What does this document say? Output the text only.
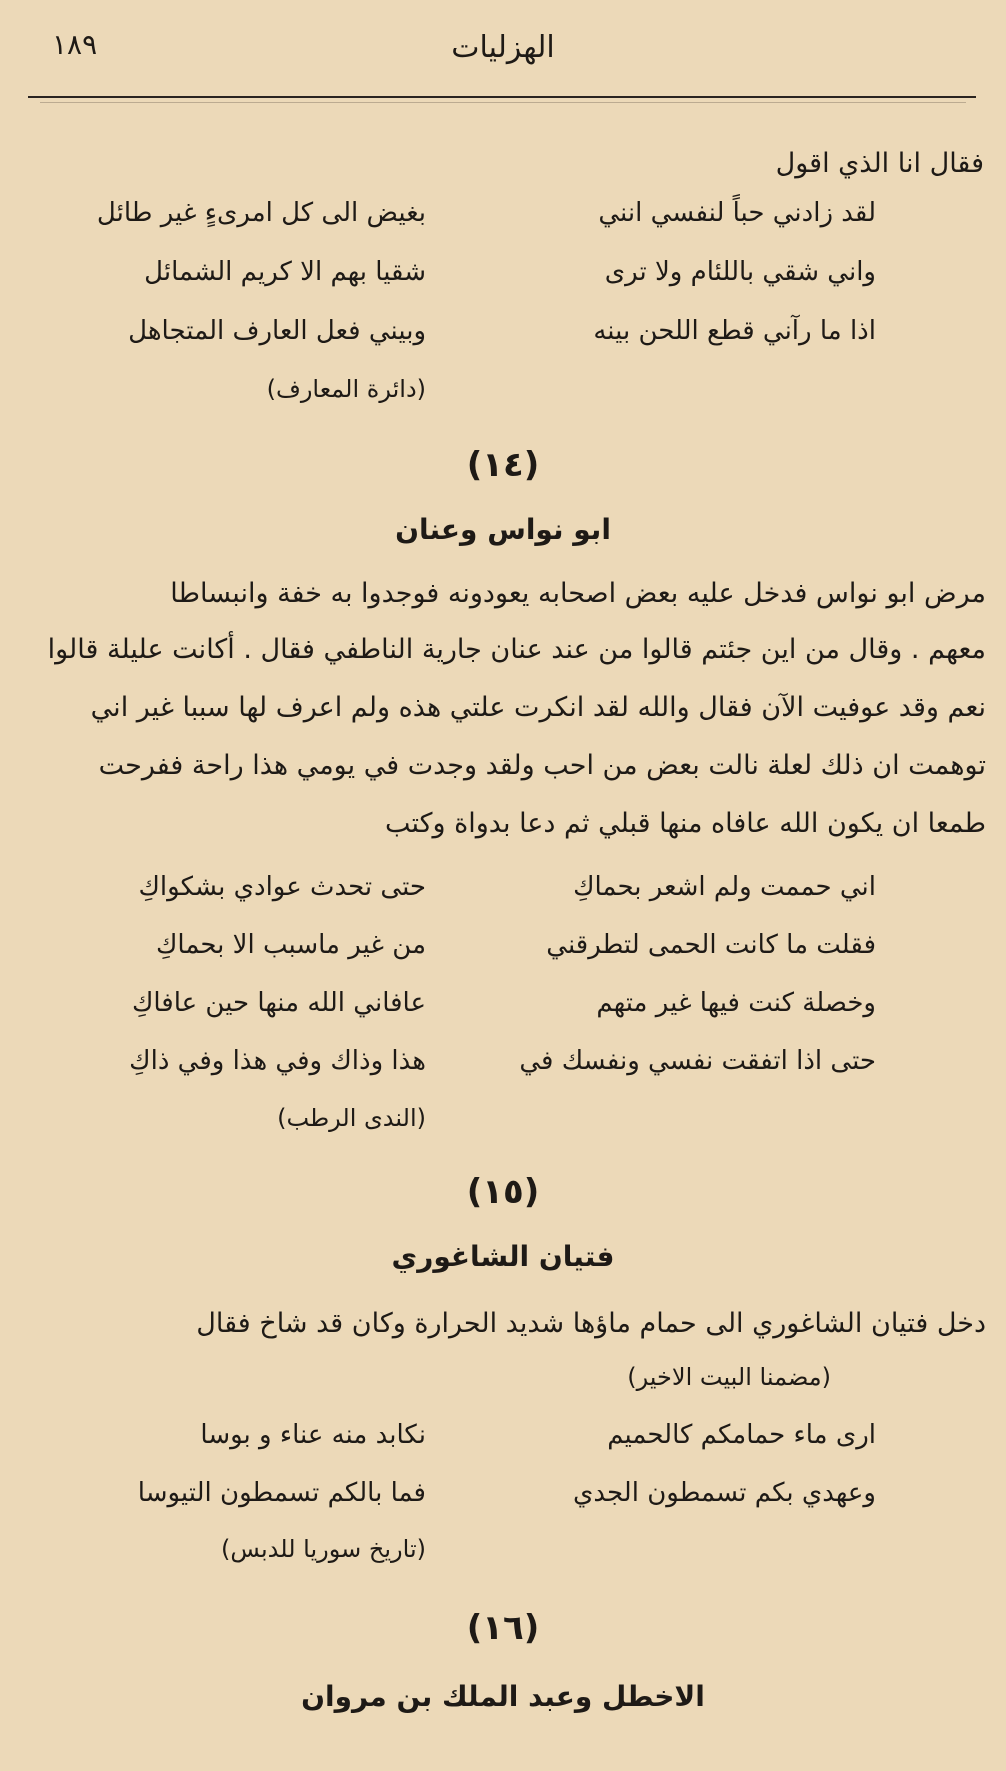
١٨٩	الهزليات
فقال انا الذي اقول
لقد زادني حباً لنفسي انني
بغيض الى كل امرىءٍ غير طائل
واني شقي باللئام ولا ترى
شقيا بهم الا كريم الشمائل
اذا ما رآني قطع اللحن بينه
وبيني فعل العارف المتجاهل
(دائرة المعارف)
(١٤)
ابو نواس وعنان
مرض ابو نواس فدخل عليه بعض اصحابه يعودونه فوجدوا به خفة وانبساطا
معهم . وقال من اين جئتم قالوا من عند عنان جارية الناطفي فقال . أكانت عليلة قالوا
نعم وقد عوفيت الآن فقال والله لقد انكرت علتي هذه ولم اعرف لها سببا غير اني
توهمت ان ذلك لعلة نالت بعض من احب ولقد وجدت في يومي هذا راحة ففرحت
طمعا ان يكون الله عافاه منها قبلي ثم دعا بدواة وكتب
اني حممت ولم اشعر بحماكِ
حتى تحدث عوادي بشكواكِ
فقلت ما كانت الحمى لتطرقني
من غير ماسبب الا بحماكِ
وخصلة كنت فيها غير متهم
عافاني الله منها حين عافاكِ
حتى اذا اتفقت نفسي ونفسك في
هذا وذاك وفي هذا وفي ذاكِ
(الندى الرطب)
(١٥)
فتيان الشاغوري
دخل فتيان الشاغوري الى حمام ماؤها شديد الحرارة وكان قد شاخ فقال
(مضمنا البيت الاخير)
ارى ماء حمامكم كالحميم
نكابد منه عناء و بوسا
وعهدي بكم تسمطون الجدي
فما بالكم تسمطون التيوسا
(تاريخ سوريا للدبس)
(١٦)
الاخطل وعبد الملك بن مروان
